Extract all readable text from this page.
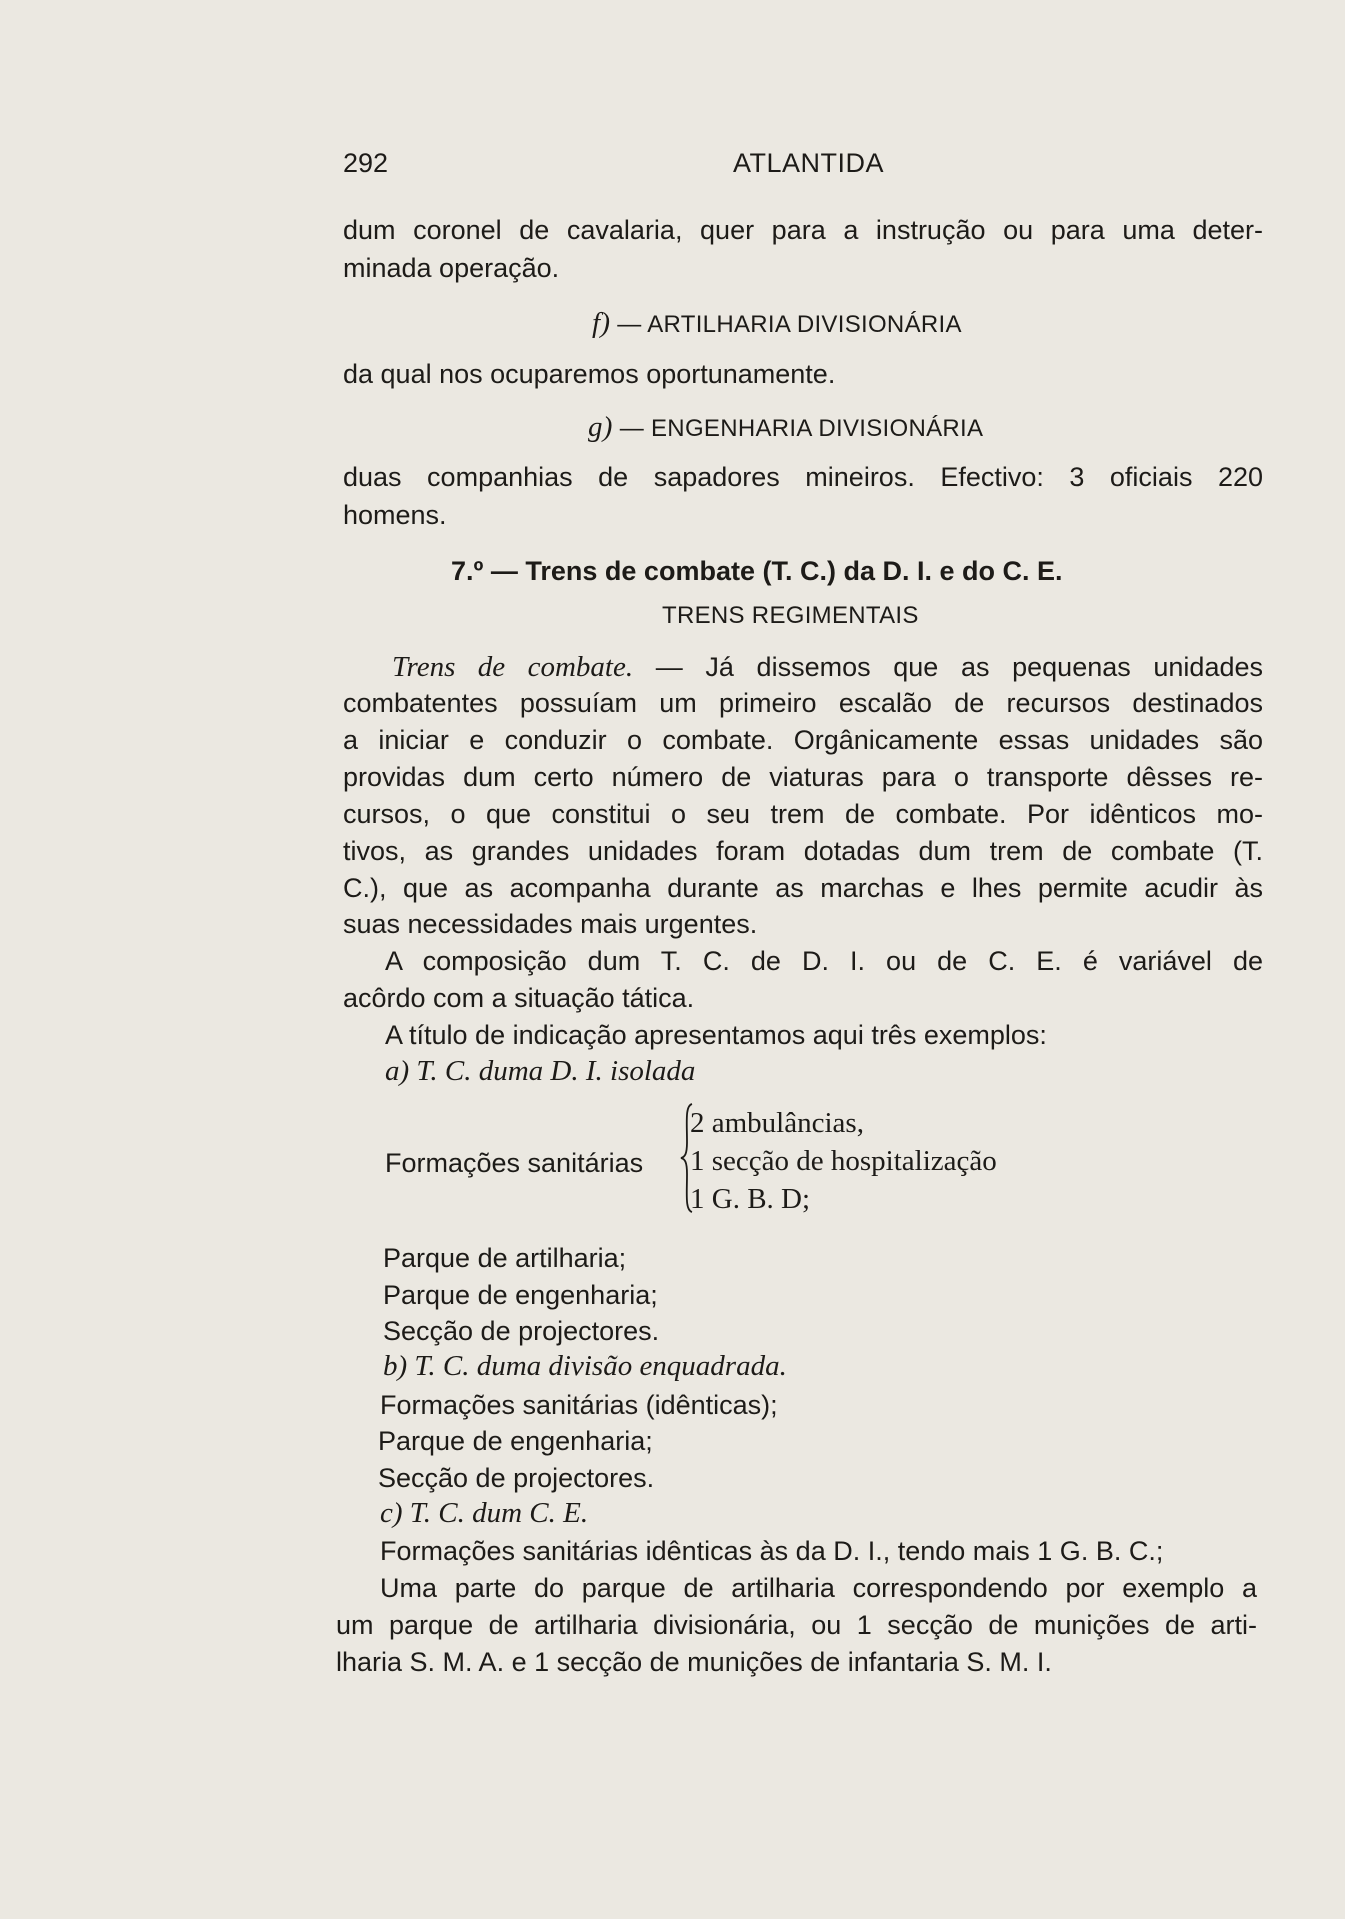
292	ATLANTIDA
dum coronel de cavalaria, quer para a instrução ou para uma deter-
minada operação.
f) — ARTILHARIA DIVISIONÁRIA
da qual nos ocuparemos oportunamente.
g) — ENGENHARIA DIVISIONÁRIA
duas companhias de sapadores mineiros. Efectivo: 3 oficiais 220
homens.
7.º — Trens de combate (T. C.) da D. I. e do C. E.
TRENS REGIMENTAIS
Trens de combate. — Já dissemos que as pequenas unidades
combatentes possuíam um primeiro escalão de recursos destinados
a iniciar e conduzir o combate. Orgânicamente essas unidades são
providas dum certo número de viaturas para o transporte dêsses re-
cursos, o que constitui o seu trem de combate. Por idênticos mo-
tivos, as grandes unidades foram dotadas dum trem de combate (T.
C.), que as acompanha durante as marchas e lhes permite acudir às
suas necessidades mais urgentes.
A composição dum T. C. de D. I. ou de C. E. é variável de
acôrdo com a situação tática.
A título de indicação apresentamos aqui três exemplos:
a) T. C. duma D. I. isolada
Formações sanitárias
2 ambulâncias,
1 secção de hospitalização
1 G. B. D;
Parque de artilharia;
Parque de engenharia;
Secção de projectores.
b) T. C. duma divisão enquadrada.
Formações sanitárias (idênticas);
Parque de engenharia;
Secção de projectores.
c) T. C. dum C. E.
Formações sanitárias idênticas às da D. I., tendo mais 1 G. B. C.;
Uma parte do parque de artilharia correspondendo por exemplo a
um parque de artilharia divisionária, ou 1 secção de munições de arti-
lharia S. M. A. e 1 secção de munições de infantaria S. M. I.
